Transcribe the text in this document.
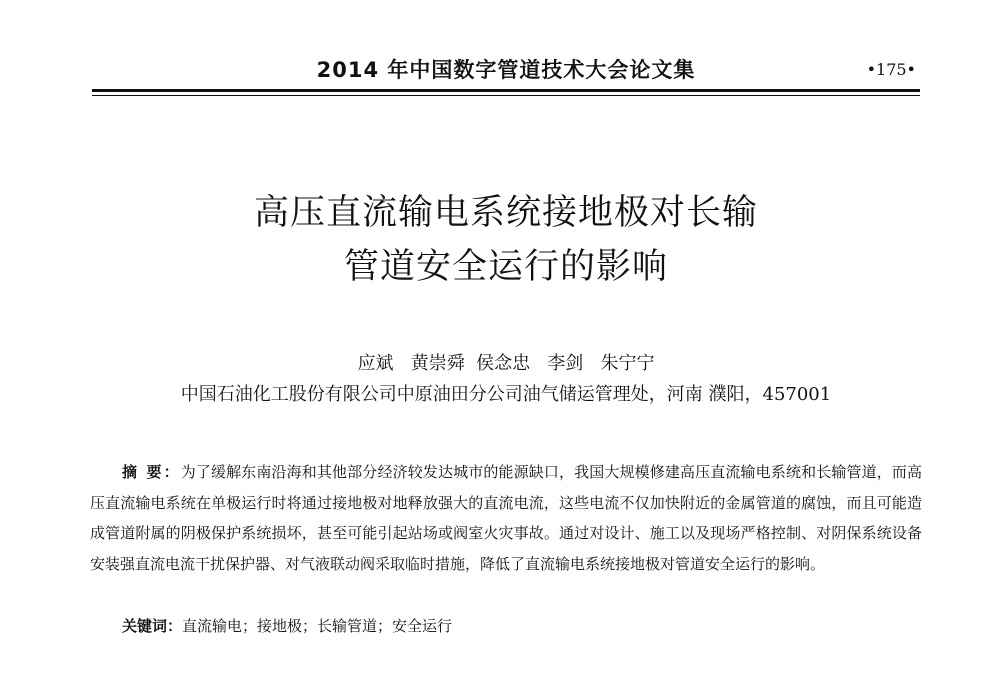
2014 年中国数字管道技术大会论文集	•175•
高压直流输电系统接地极对长输
管道安全运行的影响
应斌   黄崇舜  侯念忠   李剑   朱宁宁
中国石油化工股份有限公司中原油田分公司油气储运管理处，河南 濮阳，457001
摘 要：为了缓解东南沿海和其他部分经济较发达城市的能源缺口，我国大规模修建高压直流输电系统和长输管道，而高压直流输电系统在单极运行时将通过接地极对地释放强大的直流电流，这些电流不仅加快附近的金属管道的腐蚀，而且可能造成管道附属的阴极保护系统损坏，甚至可能引起站场或阀室火灾事故。通过对设计、施工以及现场严格控制、对阴保系统设备安装强直流电流干扰保护器、对气液联动阀采取临时措施，降低了直流输电系统接地极对管道安全运行的影响。
关键词：直流输电；接地极；长输管道；安全运行
